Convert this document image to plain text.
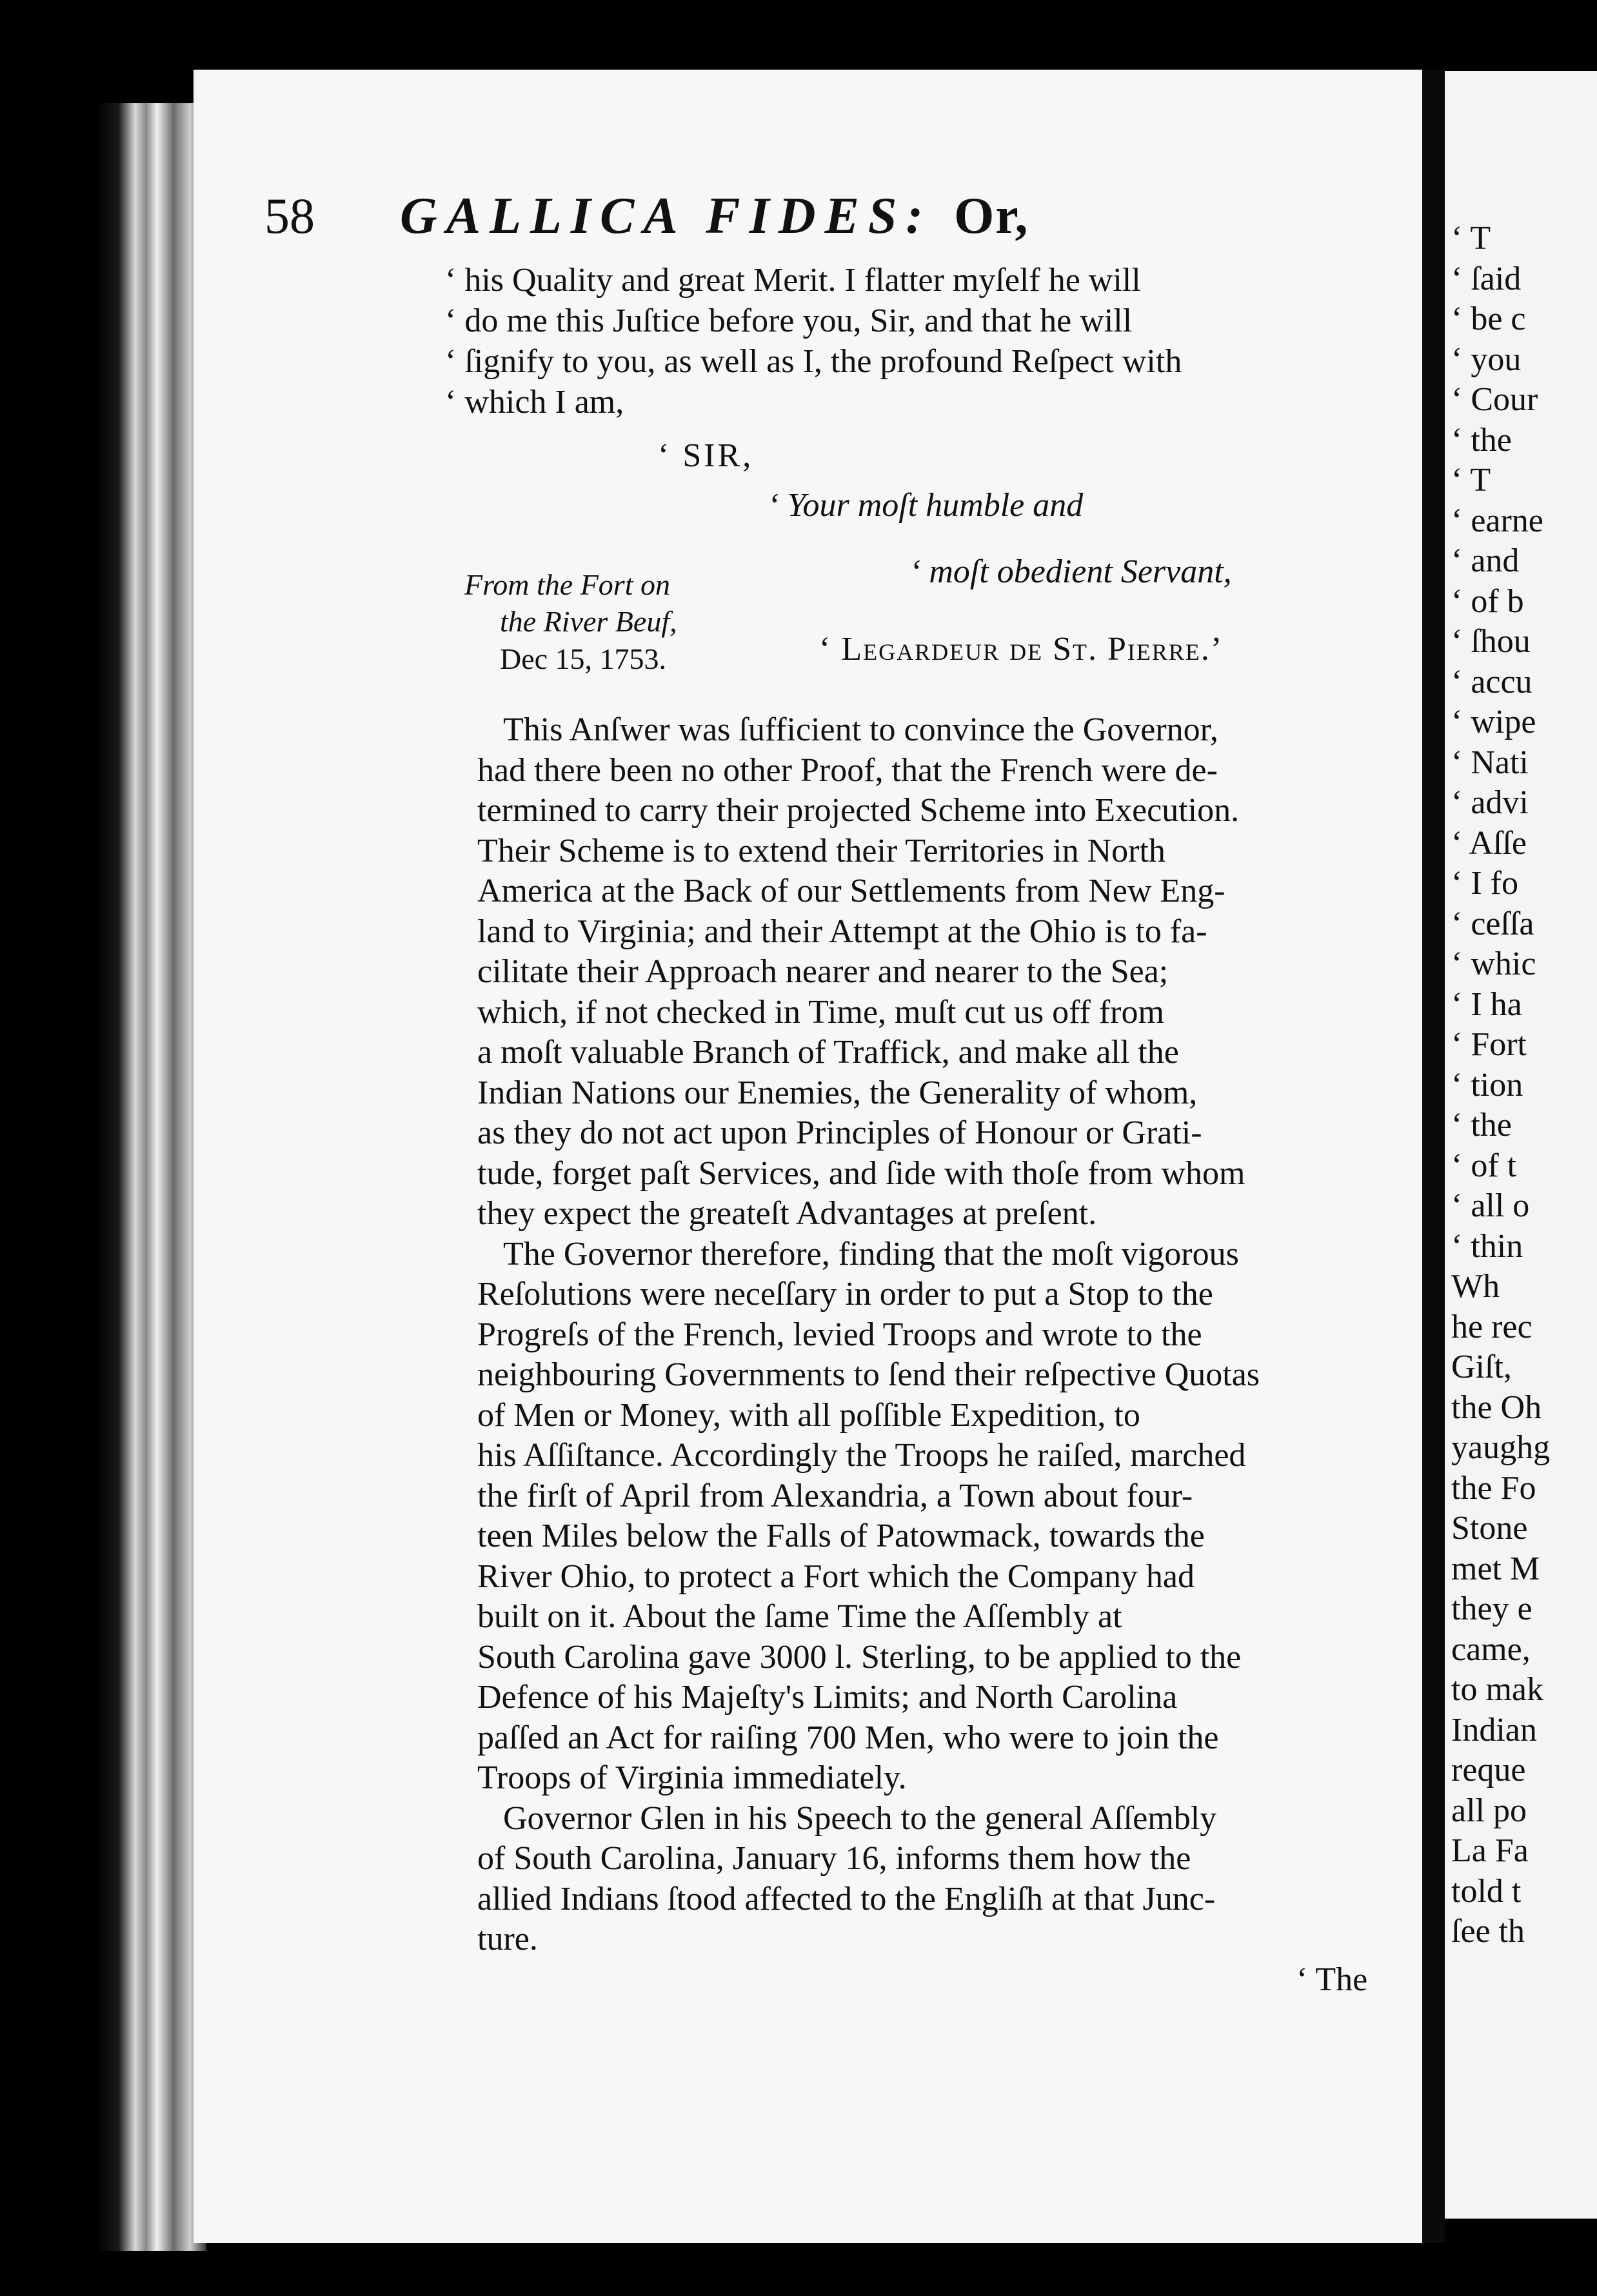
‘ T
‘ ſaid
‘ be c
‘ you
‘ Cour
‘ the
‘ T
‘ earne
‘ and
‘ of b
‘ ſhou
‘ accu
‘ wipe
‘ Nati
‘ advi
‘ Aſſe
‘ I fo
‘ ceſſa
‘ whic
‘ I ha
‘ Fort
‘ tion
‘ the
‘ of t
‘ all o
‘ thin
Wh
he rec
Giſt,
the Oh
yaughg
the Fo
Stone
met M
they e
came,
to mak
Indian
reque
all po
La Fa
told t
ſee th
58 GALLICA FIDES: Or,
‘ his Quality and great Merit. I flatter myſelf he will
‘ do me this Juſtice before you, Sir, and that he will
‘ ſignify to you, as well as I, the profound Reſpect with
‘ which I am,
‘ SIR,
‘ Your moſt humble and
‘ moſt obedient Servant,
‘ Legardeur de St. Pierre.’
From the Fort on
the River Beuf,
Dec 15, 1753.
This Anſwer was ſufficient to convince the Governor,
had there been no other Proof, that the French were de-
termined to carry their projected Scheme into Execution.
Their Scheme is to extend their Territories in North
America at the Back of our Settlements from New Eng-
land to Virginia; and their Attempt at the Ohio is to fa-
cilitate their Approach nearer and nearer to the Sea;
which, if not checked in Time, muſt cut us off from
a moſt valuable Branch of Traffick, and make all the
Indian Nations our Enemies, the Generality of whom,
as they do not act upon Principles of Honour or Grati-
tude, forget paſt Services, and ſide with thoſe from whom
they expect the greateſt Advantages at preſent.
The Governor therefore, finding that the moſt vigorous
Reſolutions were neceſſary in order to put a Stop to the
Progreſs of the French, levied Troops and wrote to the
neighbouring Governments to ſend their reſpective Quotas
of Men or Money, with all poſſible Expedition, to
his Aſſiſtance. Accordingly the Troops he raiſed, marched
the firſt of April from Alexandria, a Town about four-
teen Miles below the Falls of Patowmack, towards the
River Ohio, to protect a Fort which the Company had
built on it. About the ſame Time the Aſſembly at
South Carolina gave 3000 l. Sterling, to be applied to the
Defence of his Majeſty's Limits; and North Carolina
paſſed an Act for raiſing 700 Men, who were to join the
Troops of Virginia immediately.
Governor Glen in his Speech to the general Aſſembly
of South Carolina, January 16, informs them how the
allied Indians ſtood affected to the Engliſh at that Junc-
ture.
‘ The
